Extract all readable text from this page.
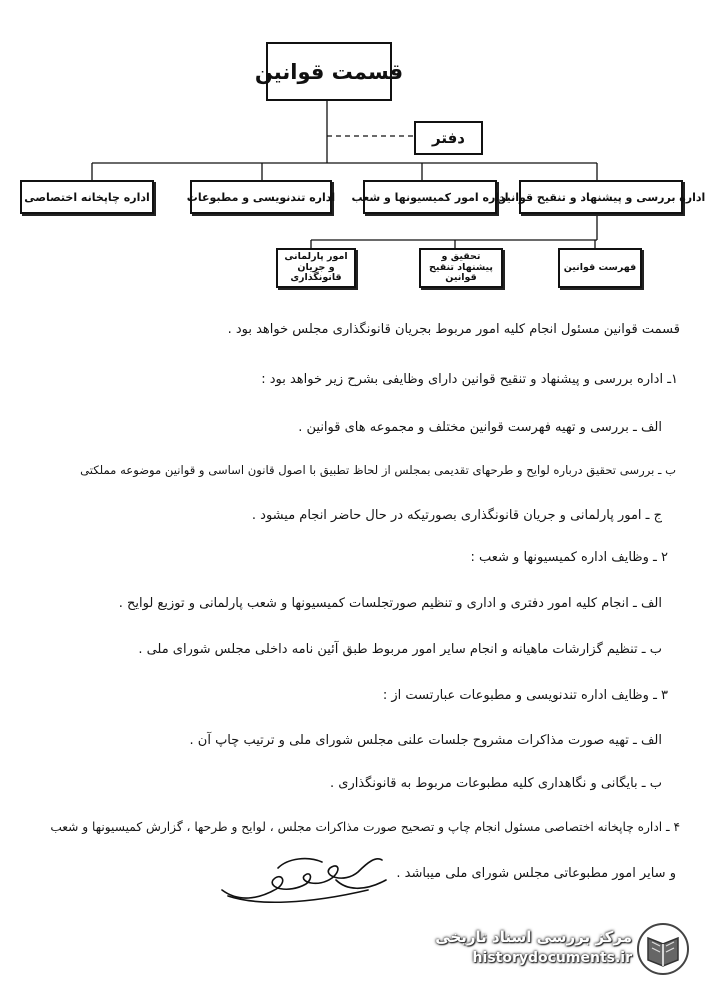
قسمت قوانین
دفتر
اداره بررسی و پیشنهاد و تنقیح قوانین
اداره امور کمیسیونها و شعب
اداره تندنویسی و مطبوعات
اداره چاپخانه اختصاصی
فهرست قوانین
تحقیق و پیشنهاد تنقیح قوانین
امور پارلمانی و جریان قانونگذاری
قسمت قوانین مسئول انجام کلیه امور مربوط بجریان قانونگذاری مجلس خواهد بود .
۱ـ اداره بررسی و پیشنهاد و تنقیح قوانین دارای وظایفی بشرح زیر خواهد بود :
الف ـ بررسی و تهیه فهرست قوانین مختلف و مجموعه های قوانین .
ب ـ بررسی تحقیق درباره لوایح و طرحهای تقدیمی بمجلس از لحاظ تطبیق با اصول قانون اساسی و قوانین موضوعه مملکتی
ج ـ امور پارلمانی و جریان قانونگذاری بصورتیکه در حال حاضر انجام میشود .
۲ ـ وظایف اداره کمیسیونها و شعب :
الف ـ انجام کلیه امور دفتری و اداری و تنظیم صورتجلسات کمیسیونها و شعب پارلمانی و توزیع لوایح .
ب ـ تنظیم گزارشات ماهیانه و انجام سایر امور مربوط طبق آئین نامه داخلی مجلس شورای ملی .
۳ ـ وظایف اداره تندنویسی و مطبوعات عبارتست از :
الف ـ تهیه صورت مذاکرات مشروح جلسات علنی مجلس شورای ملی و ترتیب چاپ آن .
ب ـ بایگانی و نگاهداری کلیه مطبوعات مربوط به قانونگذاری .
۴ ـ اداره چاپخانه اختصاصی مسئول انجام چاپ و تصحیح صورت مذاکرات مجلس ، لوایح و طرحها ، گزارش کمیسیونها و شعب
و سایر امور مطبوعاتی مجلس شورای ملی میباشد .
مرکز بررسی اسناد تاریخی
historydocuments.ir
